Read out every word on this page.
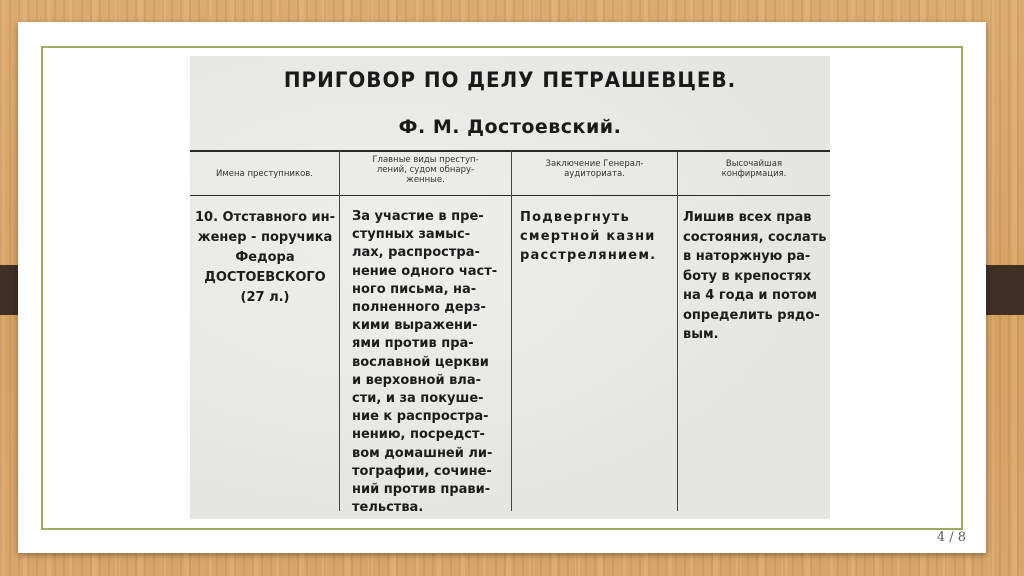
ПРИГОВОР ПО ДЕЛУ ПЕТРАШЕВЦЕВ.
Ф. М. Достоевский.
Имена преступников.
Главные виды преступ-
лений, судом обнару-
женные.
Заключение Генерал-
аудиториата.
Высочайшая
конфирмация.
10. Отставного ин-
женер - поручика
Федора
ДОСТОЕВСКОГО
(27 л.)
За участие в пре-
ступных замыс-
лах, распростра-
нение одного част-
ного письма, на-
полненного дерз-
кими выражени-
ями против пра-
вославной церкви
и верховной вла-
сти, и за покуше-
ние к распростра-
нению, посредст-
вом домашней ли-
тографии, сочине-
ний против прави-
тельства.
Подвергнуть
смертной казни
расстрелянием.
Лишив всех прав
состояния, сослать
в наторжную ра-
боту в крепостях
на 4 года и потом
определить рядо-
вым.
4 / 8
